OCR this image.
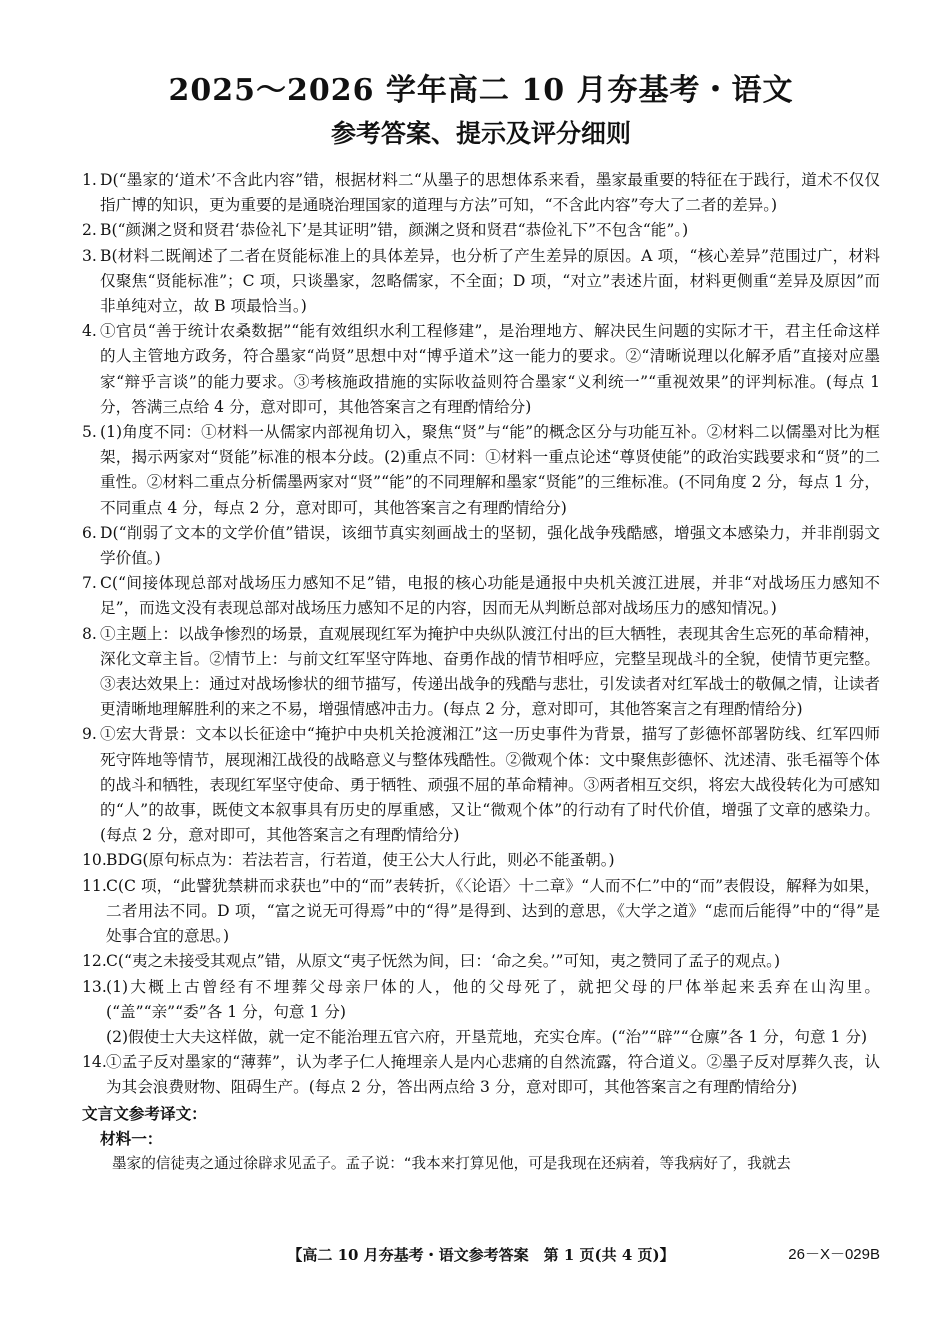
2025～2026 学年高二 10 月夯基考・语文
参考答案、提示及评分细则
1. D(“墨家的‘道术’不含此内容”错，根据材料二“从墨子的思想体系来看，墨家最重要的特征在于践行，道术不仅仅指广博的知识，更为重要的是通晓治理国家的道理与方法”可知，“不含此内容”夸大了二者的差异。)

2. B(“颜渊之贤和贤君‘恭俭礼下’是其证明”错，颜渊之贤和贤君“恭俭礼下”不包含“能”。)

3. B(材料二既阐述了二者在贤能标准上的具体差异，也分析了产生差异的原因。A 项，“核心差异”范围过广，材料仅聚焦“贤能标准”；C 项，只谈墨家，忽略儒家，不全面；D 项，“对立”表述片面，材料更侧重“差异及原因”而非单纯对立，故 B 项最恰当。)

4. ①官员“善于统计农桑数据”“能有效组织水利工程修建”，是治理地方、解决民生问题的实际才干，君主任命这样的人主管地方政务，符合墨家“尚贤”思想中对“博乎道术”这一能力的要求。②“清晰说理以化解矛盾”直接对应墨家“辩乎言谈”的能力要求。③考核施政措施的实际收益则符合墨家“义利统一”“重视效果”的评判标准。(每点 1 分，答满三点给 4 分，意对即可，其他答案言之有理酌情给分)

5. (1)角度不同：①材料一从儒家内部视角切入，聚焦“贤”与“能”的概念区分与功能互补。②材料二以儒墨对比为框架，揭示两家对“贤能”标准的根本分歧。(2)重点不同：①材料一重点论述“尊贤使能”的政治实践要求和“贤”的二重性。②材料二重点分析儒墨两家对“贤”“能”的不同理解和墨家“贤能”的三维标准。(不同角度 2 分，每点 1 分，不同重点 4 分，每点 2 分，意对即可，其他答案言之有理酌情给分)

6. D(“削弱了文本的文学价值”错误，该细节真实刻画战士的坚韧，强化战争残酷感，增强文本感染力，并非削弱文学价值。)

7. C(“间接体现总部对战场压力感知不足”错，电报的核心功能是通报中央机关渡江进展，并非“对战场压力感知不足”，而选文没有表现总部对战场压力感知不足的内容，因而无从判断总部对战场压力的感知情况。)

8. ①主题上：以战争惨烈的场景，直观展现红军为掩护中央纵队渡江付出的巨大牺牲，表现其舍生忘死的革命精神，深化文章主旨。②情节上：与前文红军坚守阵地、奋勇作战的情节相呼应，完整呈现战斗的全貌，使情节更完整。③表达效果上：通过对战场惨状的细节描写，传递出战争的残酷与悲壮，引发读者对红军战士的敬佩之情，让读者更清晰地理解胜利的来之不易，增强情感冲击力。(每点 2 分，意对即可，其他答案言之有理酌情给分)

9. ①宏大背景：文本以长征途中“掩护中央机关抢渡湘江”这一历史事件为背景，描写了彭德怀部署防线、红军四师死守阵地等情节，展现湘江战役的战略意义与整体残酷性。②微观个体：文中聚焦彭德怀、沈述清、张毛福等个体的战斗和牺牲，表现红军坚守使命、勇于牺牲、顽强不屈的革命精神。③两者相互交织，将宏大战役转化为可感知的“人”的故事，既使文本叙事具有历史的厚重感，又让“微观个体”的行动有了时代价值，增强了文章的感染力。(每点 2 分，意对即可，其他答案言之有理酌情给分)

10. BDG(原句标点为：若法若言，行若道，使王公大人行此，则必不能蚤朝。)

11. C(C 项，“此譬犹禁耕而求获也”中的“而”表转折，《〈论语〉十二章》“人而不仁”中的“而”表假设，解释为如果，二者用法不同。D 项，“富之说无可得焉”中的“得”是得到、达到的意思，《大学之道》“虑而后能得”中的“得”是处事合宜的意思。)

12. C(“夷之未接受其观点”错，从原文“夷子怃然为间，曰：‘命之矣。’”可知，夷之赞同了孟子的观点。)

13. (1)大概上古曾经有不埋葬父母亲尸体的人，他的父母死了，就把父母的尸体举起来丢弃在山沟里。(“盖”“亲”“委”各 1 分，句意 1 分)

(2)假使士大夫这样做，就一定不能治理五官六府，开垦荒地，充实仓库。(“治”“辟”“仓廪”各 1 分，句意 1 分)

14. ①孟子反对墨家的“薄葬”，认为孝子仁人掩埋亲人是内心悲痛的自然流露，符合道义。②墨子反对厚葬久丧，认为其会浪费财物、阻碍生产。(每点 2 分，答出两点给 3 分，意对即可，其他答案言之有理酌情给分)

文言文参考译文：

材料一：

墨家的信徒夷之通过徐辟求见孟子。孟子说：“我本来打算见他，可是我现在还病着，等我病好了，我就去

【高二 10 月夯基考・语文参考答案　第 1 页(共 4 页)】	26－X－029B
